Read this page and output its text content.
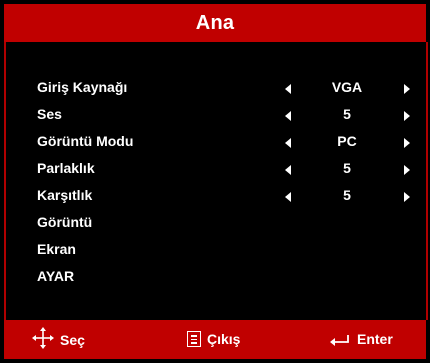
Ana
Giriş Kaynağı	VGA
Ses	5
Görüntü Modu	PC
Parlaklık	5
Karşıtlık	5
Görüntü
Ekran
AYAR
Seç	Çıkış	Enter
